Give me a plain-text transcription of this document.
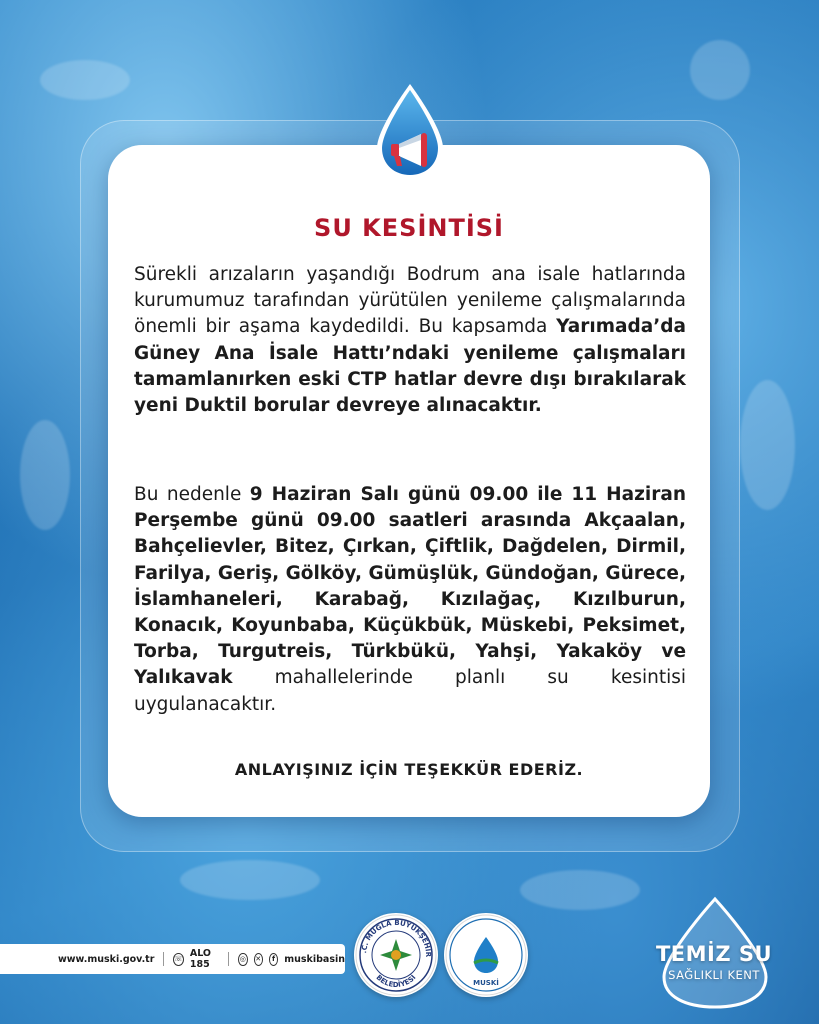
SU KESİNTİSİ
Sürekli arızaların yaşandığı Bodrum ana isale hatlarında kurumumuz tarafından yürütülen yenileme çalışmalarında önemli bir aşama kaydedildi. Bu kapsamda Yarımada’da Güney Ana İsale Hattı’ndaki yenileme çalışmaları tamamlanırken eski CTP hatlar devre dışı bırakılarak yeni Duktil borular devreye alınacaktır.
Bu nedenle 9 Haziran Salı günü 09.00 ile 11 Haziran Perşembe günü 09.00 saatleri arasında Akçaalan, Bahçelievler, Bitez, Çırkan, Çiftlik, Dağdelen, Dirmil, Farilya, Geriş, Gölköy, Gümüşlük, Gündoğan, Gürece, İslamhaneleri, Karabağ, Kızılağaç, Kızılburun, Konacık, Koyunbaba, Küçükbük, Müskebi, Peksimet, Torba, Turgutreis, Türkbükü, Yahşi, Yakaköy ve Yalıkavak mahallelerinde planlı su kesintisi uygulanacaktır.
ANLAYIŞINIZ İÇİN TEŞEKKÜR EDERİZ.
www.muski.gov.tr	☏ ALO 185	◎ ✕	f muskibasin
.C. MUĞLA BÜYÜKŞEHİR
BELEDİYESİ
MUSKİ
TEMİZ SU
SAĞLIKLI KENT
